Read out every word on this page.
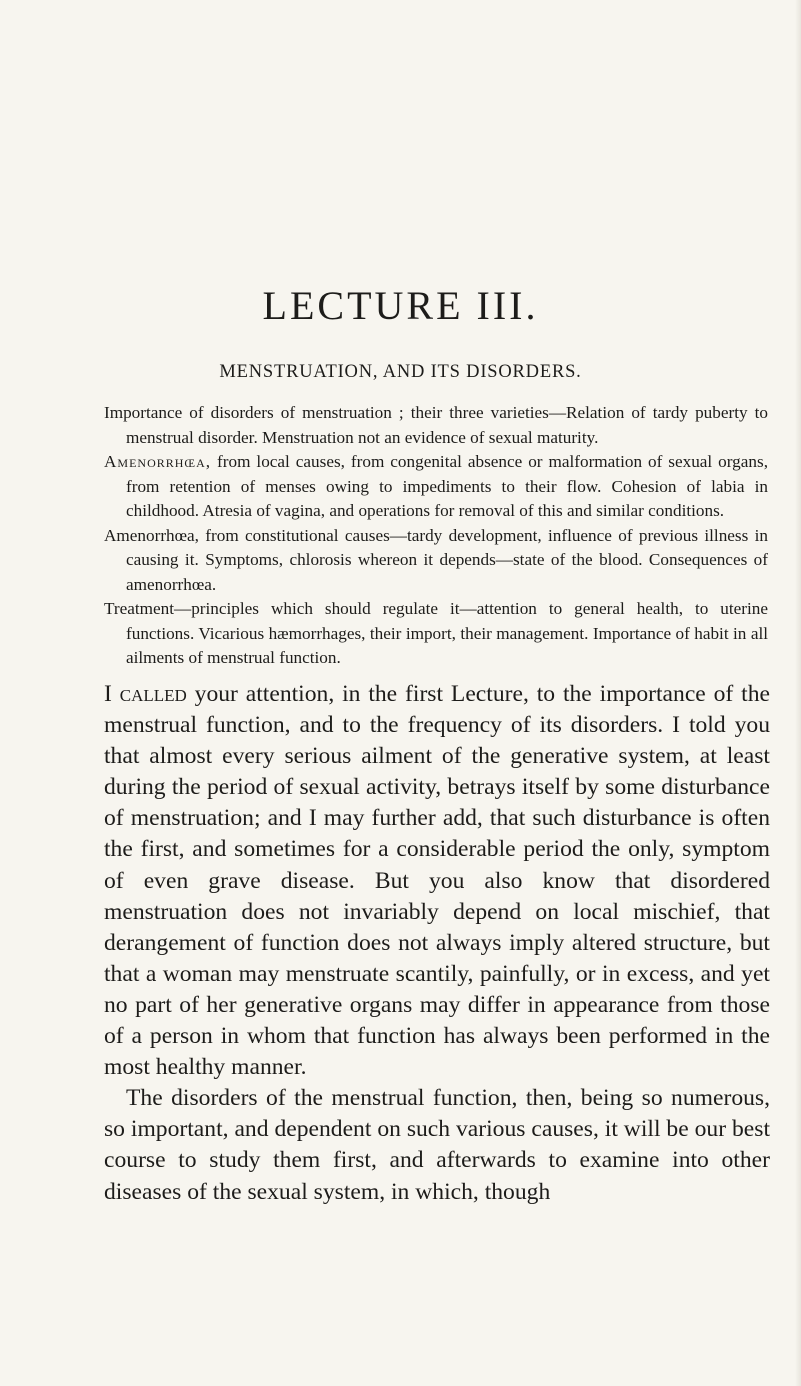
LECTURE III.
MENSTRUATION, AND ITS DISORDERS.

Importance of disorders of menstruation ; their three varieties—Relation of tardy puberty to menstrual disorder. Menstruation not an evidence of sexual maturity.

Amenorrhœa, from local causes, from congenital absence or malformation of sexual organs, from retention of menses owing to impediments to their flow. Cohesion of labia in childhood. Atresia of vagina, and operations for removal of this and similar conditions.

Amenorrhœa, from constitutional causes—tardy development, influence of previous illness in causing it. Symptoms, chlorosis whereon it depends—state of the blood. Consequences of amenorrhœa.

Treatment—principles which should regulate it—attention to general health, to uterine functions. Vicarious hæmorrhages, their import, their management. Importance of habit in all ailments of menstrual function.

I called your attention, in the first Lecture, to the importance of the menstrual function, and to the frequency of its disorders. I told you that almost every serious ailment of the generative system, at least during the period of sexual activity, betrays itself by some disturbance of menstruation; and I may further add, that such disturbance is often the first, and sometimes for a considerable period the only, symptom of even grave disease. But you also know that disordered menstruation does not invariably depend on local mischief, that derangement of function does not always imply altered structure, but that a woman may menstruate scantily, painfully, or in excess, and yet no part of her generative organs may differ in appearance from those of a person in whom that function has always been performed in the most healthy manner.

The disorders of the menstrual function, then, being so numerous, so important, and dependent on such various causes, it will be our best course to study them first, and afterwards to examine into other diseases of the sexual system, in which, though
